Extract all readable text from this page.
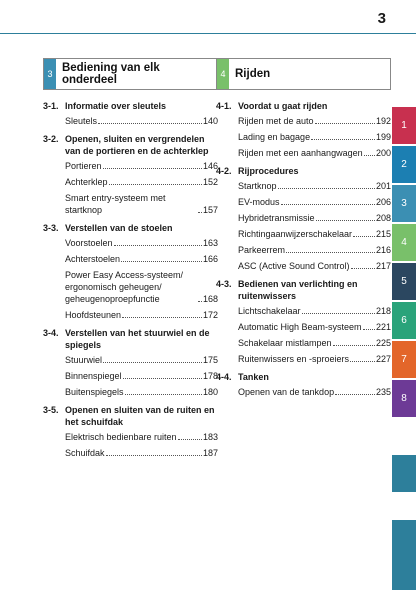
3
3 Bediening van elk onderdeel
3-1. Informatie over sleutels
Sleutels	140
3-2. Openen, sluiten en vergrendelen van de portieren en de achterklep
Portieren	146
Achterklep	152
Smart entry-systeem met startknop	157
3-3. Verstellen van de stoelen
Voorstoelen	163
Achterstoelen	166
Power Easy Access-systeem/ ergonomisch geheugen/ geheugenoproepfunctie	168
Hoofdsteunen	172
3-4. Verstellen van het stuurwiel en de spiegels
Stuurwiel	175
Binnenspiegel	178
Buitenspiegels	180
3-5. Openen en sluiten van de ruiten en het schuifdak
Elektrisch bedienbare ruiten	183
Schuifdak	187
4 Rijden
4-1. Voordat u gaat rijden
Rijden met de auto	192
Lading en bagage	199
Rijden met een aanhangwagen 200
4-2. Rijprocedures
Startknop	201
EV-modus	206
Hybridetransmissie	208
Richtingaanwijzerschakelaar	215
Parkeerrem	216
ASC (Active Sound Control)	217
4-3. Bedienen van verlichting en ruitenwissers
Lichtschakelaar	218
Automatic High Beam-systeem 221
Schakelaar mistlampen	225
Ruitenwissers en -sproeiers	227
4-4. Tanken
Openen van de tankdop	235
1
2
3
4
5
6
7
8
